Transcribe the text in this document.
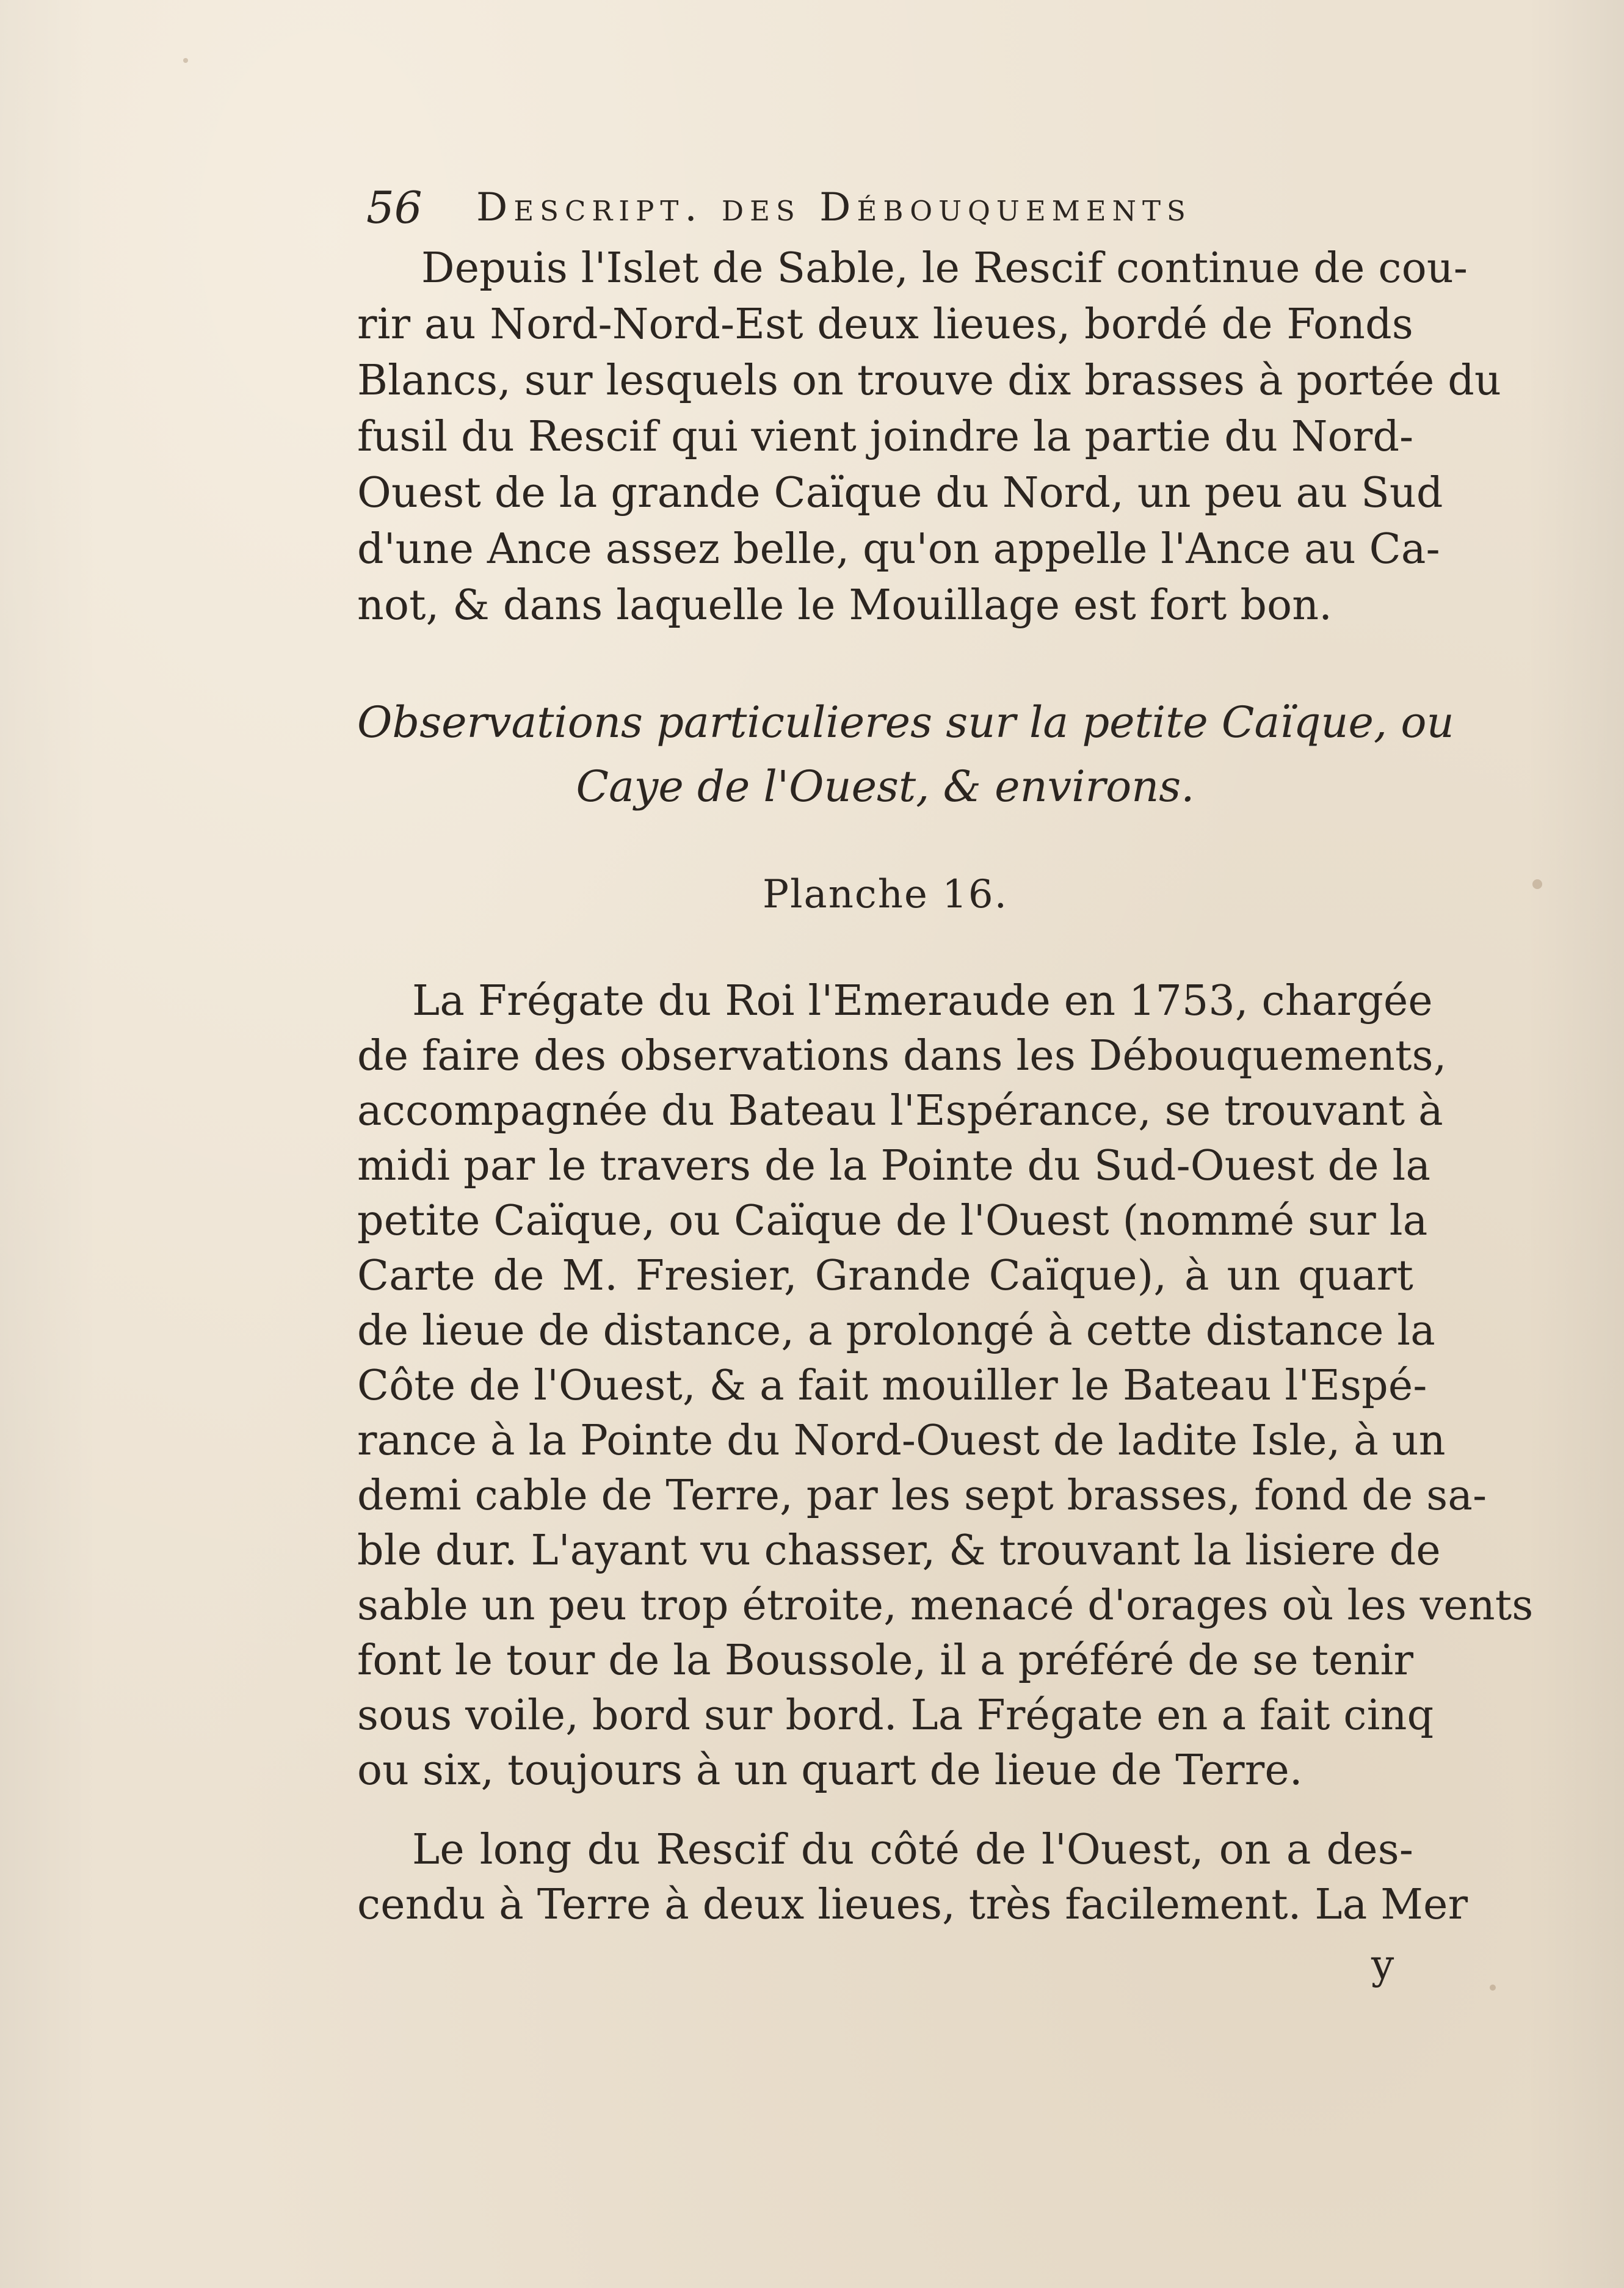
56 Descript. des Débouquements
Depuis l'Islet de Sable, le Rescif continue de cou-
rir au Nord-Nord-Est deux lieues, bordé de Fonds
Blancs, sur lesquels on trouve dix brasses à portée du
fusil du Rescif qui vient joindre la partie du Nord-
Ouest de la grande Caïque du Nord, un peu au Sud
d'une Ance assez belle, qu'on appelle l'Ance au Ca-
not, & dans laquelle le Mouillage est fort bon.
Observations particulieres sur la petite Caïque, ou
Caye de l'Ouest, & environs.
Planche 16.
La Frégate du Roi l'Emeraude en 1753, chargée
de faire des observations dans les Débouquements,
accompagnée du Bateau l'Espérance, se trouvant à
midi par le travers de la Pointe du Sud-Ouest de la
petite Caïque, ou Caïque de l'Ouest (nommé sur la
Carte de M. Fresier, Grande Caïque), à un quart
de lieue de distance, a prolongé à cette distance la
Côte de l'Ouest, & a fait mouiller le Bateau l'Espé-
rance à la Pointe du Nord-Ouest de ladite Isle, à un
demi cable de Terre, par les sept brasses, fond de sa-
ble dur. L'ayant vu chasser, & trouvant la lisiere de
sable un peu trop étroite, menacé d'orages où les vents
font le tour de la Boussole, il a préféré de se tenir
sous voile, bord sur bord. La Frégate en a fait cinq
ou six, toujours à un quart de lieue de Terre.
Le long du Rescif du côté de l'Ouest, on a des-
cendu à Terre à deux lieues, très facilement. La Mer
y
